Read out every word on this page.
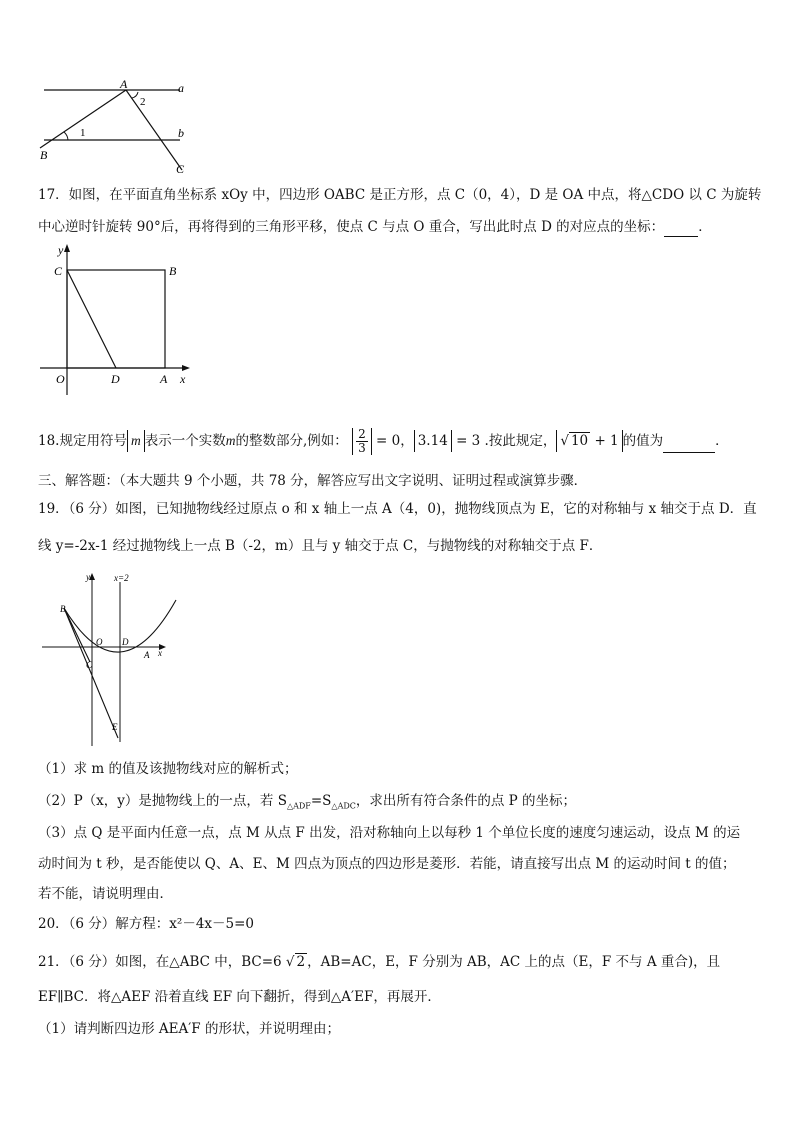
A	a
b
B
C
1
2
17．如图，在平面直角坐标系 xOy 中，四边形 OABC 是正方形，点 C（0，4），D 是 OA 中点，将△CDO 以 C 为旋转
中心逆时针旋转 90°后，再将得到的三角形平移，使点 C 与点 O 重合，写出此时点 D 的对应点的坐标：	．
y
C	B
O	D	A x
18.规定用符号 m 表示一个实数m的整数部分,例如： $\frac{2}{3} = 0$， 3.14 = 3 .按此规定， √ 10 + 1 的值为	．
三、解答题：（本大题共 9 个小题，共 78 分，解答应写出文字说明、证明过程或演算步骤．
19．（6 分）如图，已知抛物线经过原点 o 和 x 轴上一点 A（4，0)，抛物线顶点为 E，它的对称轴与 x 轴交于点 D．直
线 y=-2x-1 经过抛物线上一点 B（-2，m）且与 y 轴交于点 C，与抛物线的对称轴交于点 F．
y	x=2
B
O D
C
A x
E
（1）求 m 的值及该抛物线对应的解析式；
（2）P（x，y）是抛物线上的一点，若 $S_{\triangle ADF}=S_{\triangle ADC}$，求出所有符合条件的点 P 的坐标；
（3）点 Q 是平面内任意一点，点 M 从点 F 出发，沿对称轴向上以每秒 1 个单位长度的速度匀速运动，设点 M 的运
动时间为 t 秒，是否能使以 Q、A、E、M 四点为顶点的四边形是菱形．若能，请直接写出点 M 的运动时间 t 的值；
若不能，请说明理由．
20．（6 分）解方程：x²－4x－5=0
21．（6 分）如图，在△ABC 中，BC=6 √ 2 ，AB=AC，E，F 分别为 AB，AC 上的点（E，F 不与 A 重合)，且
EF∥BC．将△AEF 沿着直线 EF 向下翻折，得到△A′EF，再展开．
（1）请判断四边形 AEA′F 的形状，并说明理由；
